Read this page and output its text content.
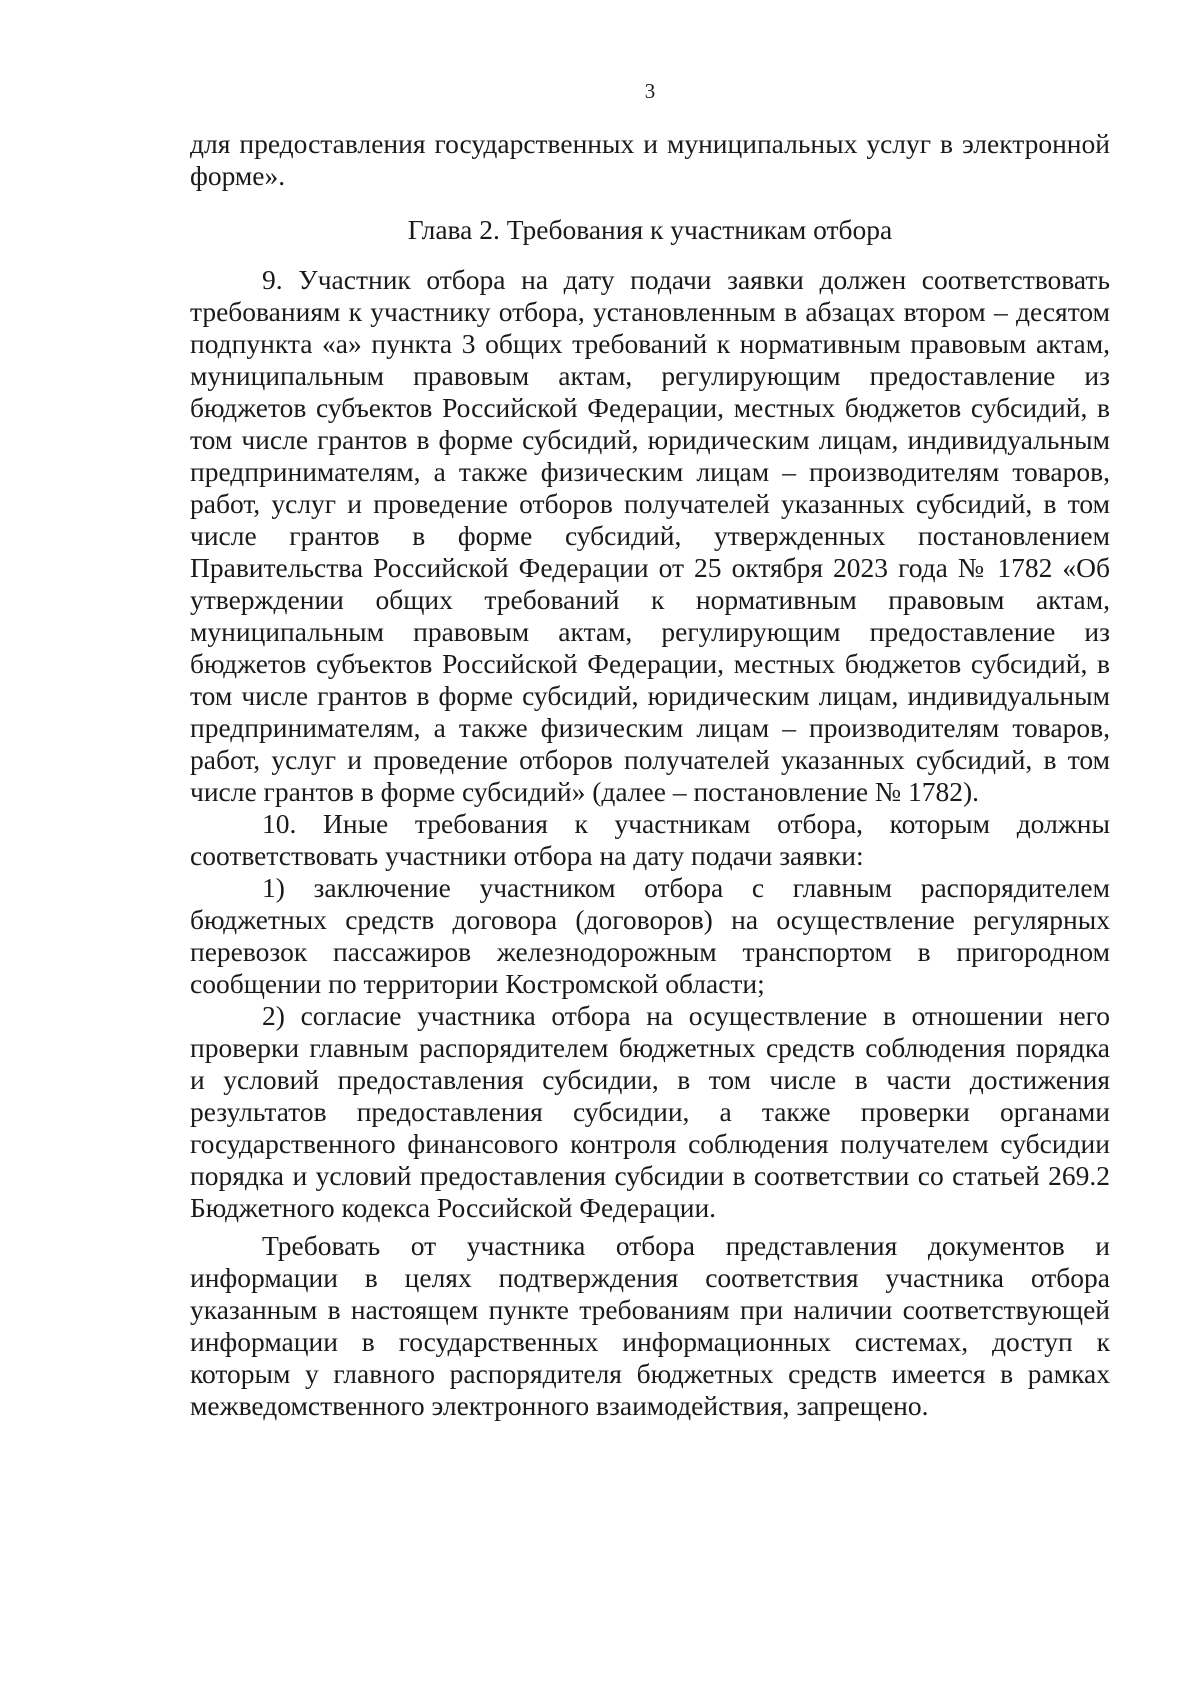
3

для предоставления государственных и муниципальных услуг в электронной форме».

Глава 2. Требования к участникам отбора

9. Участник отбора на дату подачи заявки должен соответствовать требованиям к участнику отбора, установленным в абзацах втором – десятом подпункта «а» пункта 3 общих требований к нормативным правовым актам, муниципальным правовым актам, регулирующим предоставление из бюджетов субъектов Российской Федерации, местных бюджетов субсидий, в том числе грантов в форме субсидий, юридическим лицам, индивидуальным предпринимателям, а также физическим лицам – производителям товаров, работ, услуг и проведение отборов получателей указанных субсидий, в том числе грантов в форме субсидий, утвержденных постановлением Правительства Российской Федерации от 25 октября 2023 года № 1782 «Об утверждении общих требований к нормативным правовым актам, муниципальным правовым актам, регулирующим предоставление из бюджетов субъектов Российской Федерации, местных бюджетов субсидий, в том числе грантов в форме субсидий, юридическим лицам, индивидуальным предпринимателям, а также физическим лицам – производителям товаров, работ, услуг и проведение отборов получателей указанных субсидий, в том числе грантов в форме субсидий» (далее – постановление № 1782).

10. Иные требования к участникам отбора, которым должны соответствовать участники отбора на дату подачи заявки:

1) заключение участником отбора с главным распорядителем бюджетных средств договора (договоров) на осуществление регулярных перевозок пассажиров железнодорожным транспортом в пригородном сообщении по территории Костромской области;

2) согласие участника отбора на осуществление в отношении него проверки главным распорядителем бюджетных средств соблюдения порядка и условий предоставления субсидии, в том числе в части достижения результатов предоставления субсидии, а также проверки органами государственного финансового контроля соблюдения получателем субсидии порядка и условий предоставления субсидии в соответствии со статьей 269.2 Бюджетного кодекса Российской Федерации.

Требовать от участника отбора представления документов и информации в целях подтверждения соответствия участника отбора указанным в настоящем пункте требованиям при наличии соответствующей информации в государственных информационных системах, доступ к которым у главного распорядителя бюджетных средств имеется в рамках межведомственного электронного взаимодействия, запрещено.
